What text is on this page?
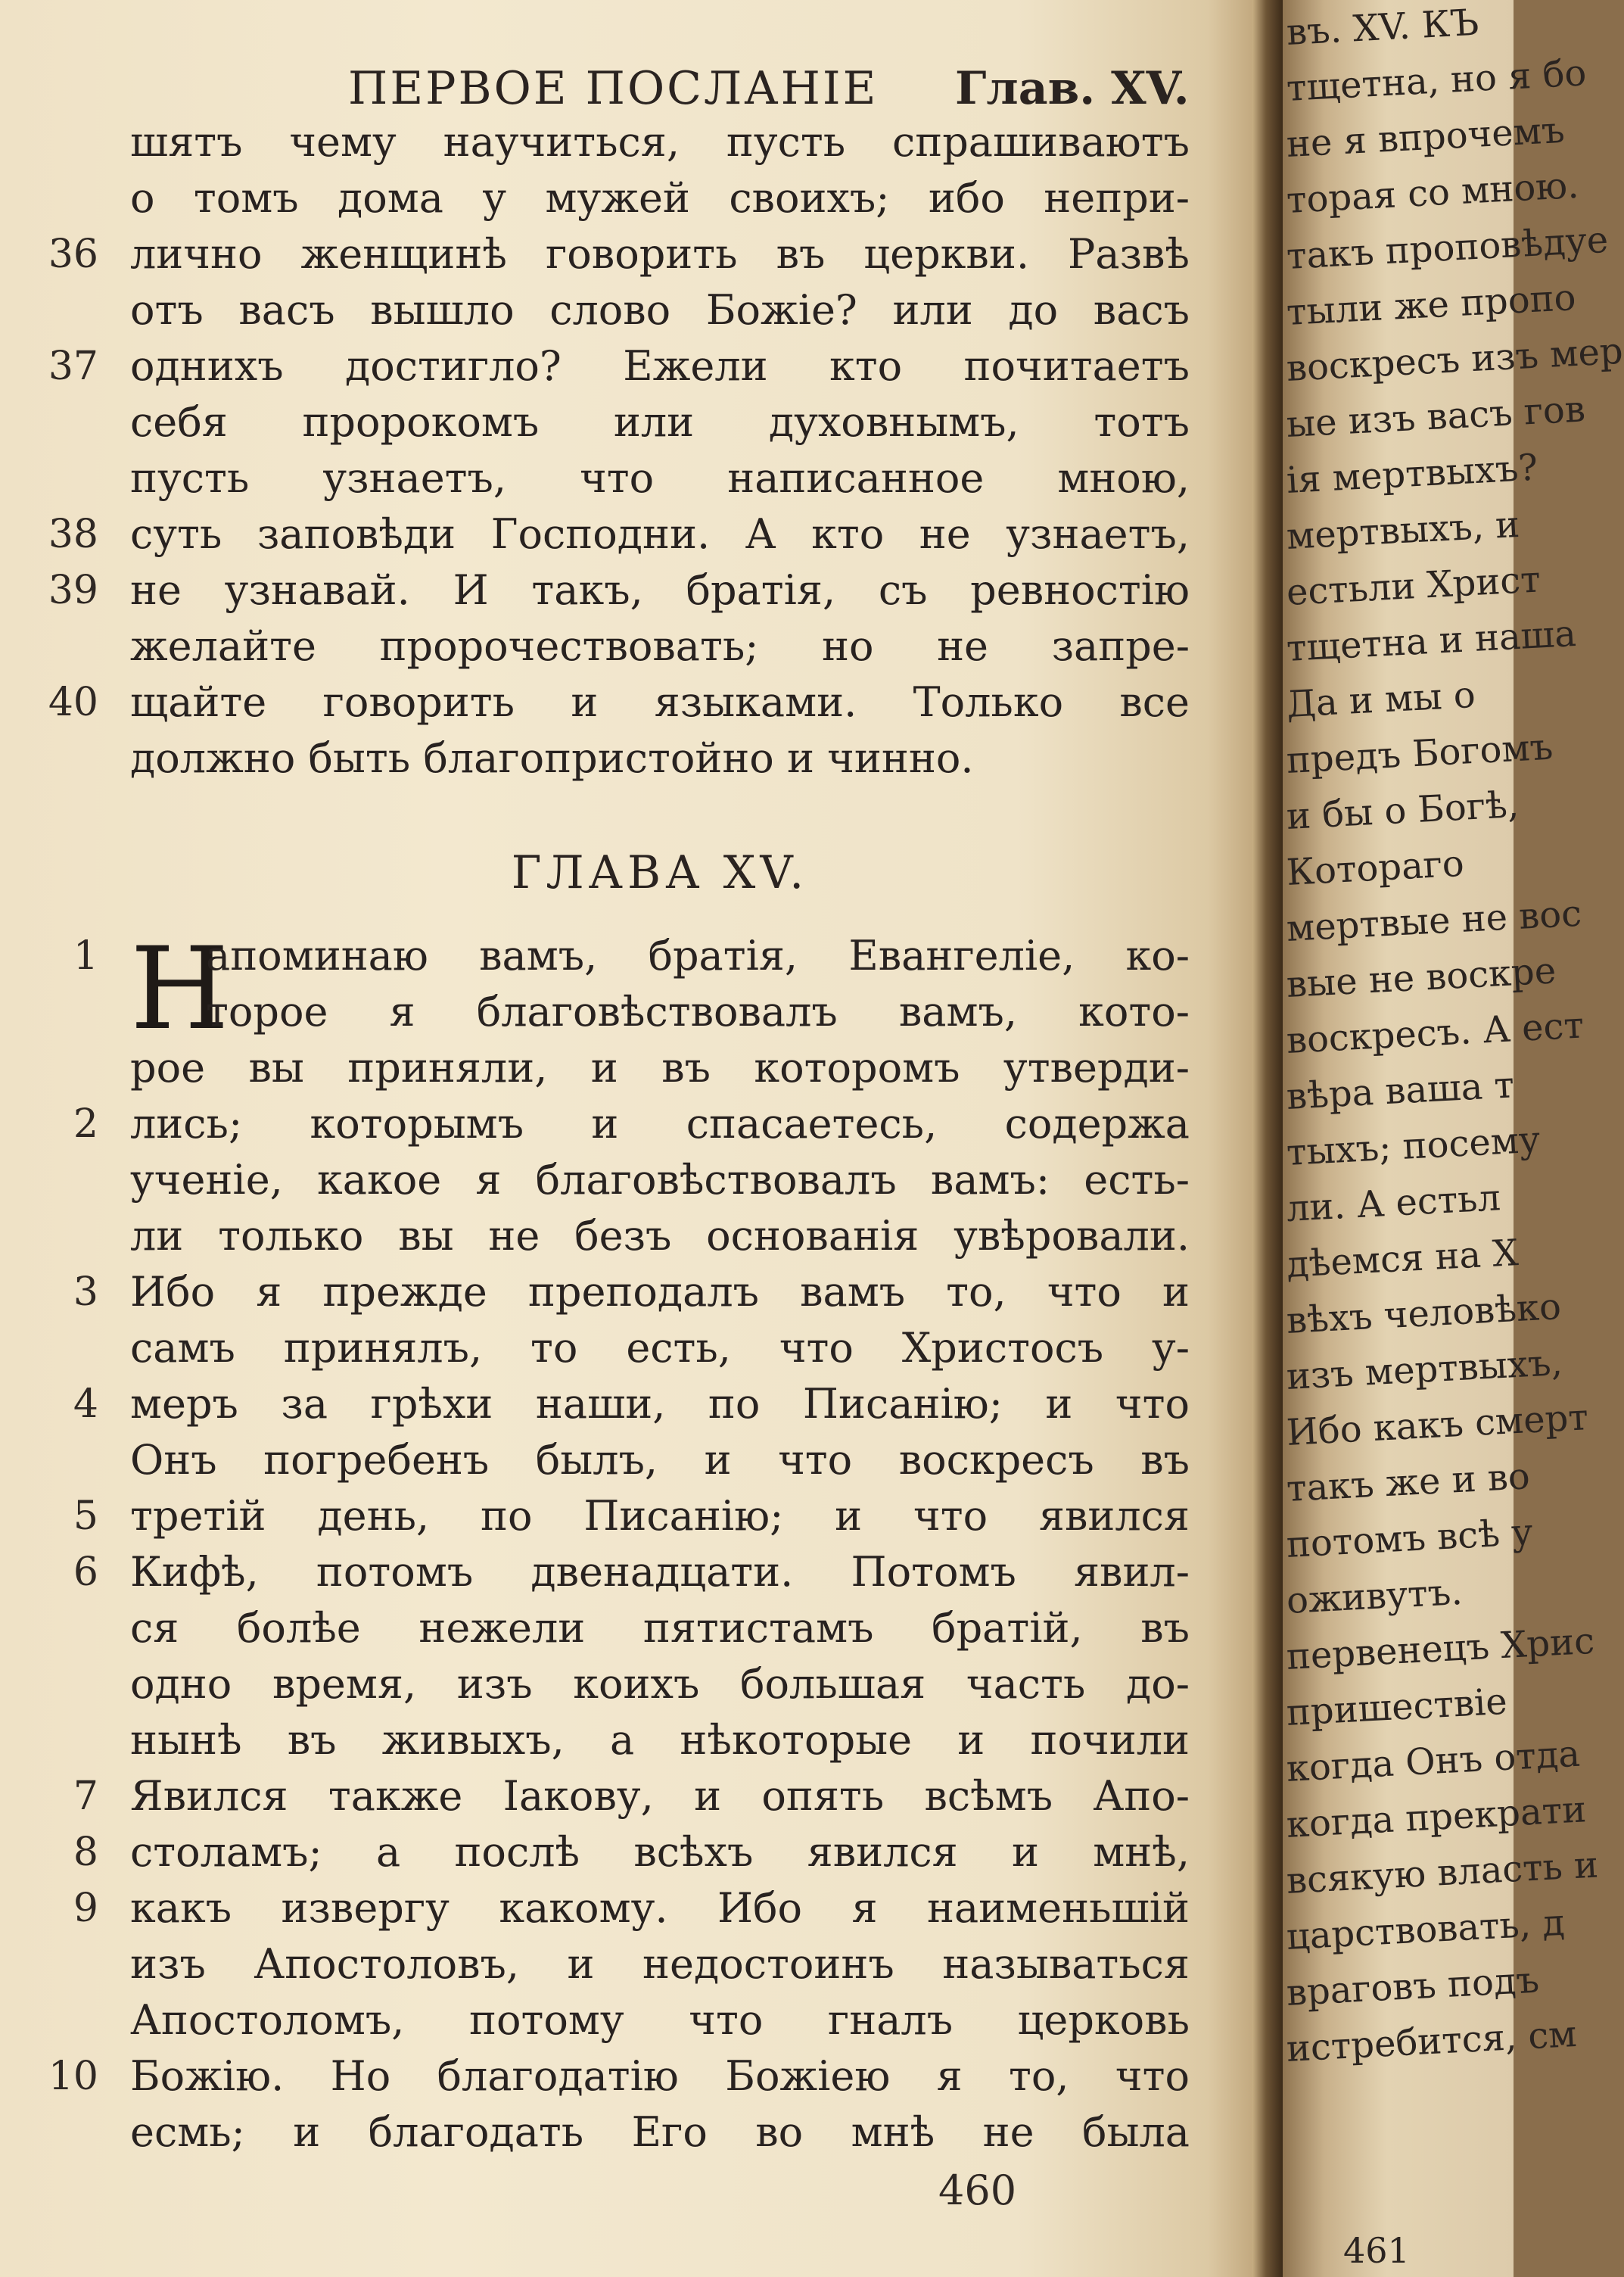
ПЕРВОЕ ПОСЛАНІЕ Глав. XV.
шятъ чему научиться, пусть спрашиваютъ
о томъ дома у мужей своихъ; ибо непри-
лично женщинѣ говорить въ церкви. Развѣ
отъ васъ вышло слово Божіе? или до васъ
однихъ достигло? Ежели кто почитаетъ
себя пророкомъ или духовнымъ, тотъ
пусть узнаетъ, что написанное мною,
суть заповѣди Господни. А кто не узнаетъ,
не узнавай. И такъ, братія, съ ревностію
желайте пророчествовать; но не запре-
щайте говорить и языками. Только все
должно быть благопристойно и чинно.
36
37
38
39
40
ГЛАВА XV.
Н
апоминаю вамъ, братія, Евангеліе, ко-
торое я благовѣствовалъ вамъ, кото-
рое вы приняли, и въ которомъ утверди-
лись; которымъ и спасаетесь, содержа
ученіе, какое я благовѣствовалъ вамъ: есть-
ли только вы не безъ основанія увѣровали.
Ибо я прежде преподалъ вамъ то, что и
самъ принялъ, то есть, что Христосъ у-
меръ за грѣхи наши, по Писанію; и что
Онъ погребенъ былъ, и что воскресъ въ
третій день, по Писанію; и что явился
Кифѣ, потомъ двенадцати. Потомъ явил-
ся болѣе нежели пятистамъ братій, въ
одно время, изъ коихъ большая часть до-
нынѣ въ живыхъ, а нѣкоторые и почили
Явился также Іакову, и опять всѣмъ Апо-
столамъ; а послѣ всѣхъ явился и мнѣ,
какъ извергу какому. Ибо я наименьшій
изъ Апостоловъ, и недостоинъ называться
Апостоломъ, потому что гналъ церковь
Божію. Но благодатію Божіею я то, что
есмь; и благодать Его во мнѣ не была
1
2
3
4
5
6
7
8
9
10
460
въ. XV. КЪ
тщетна, но я бо
не я впрочемъ
торая со мною.
такъ проповѣдуе
тыли же пропо
воскресъ изъ мер
ые изъ васъ гов
ія мертвыхъ?
мертвыхъ, и
естьли Христ
тщетна и наша
Да и мы о
предъ Богомъ
и бы о Богѣ,
Котораго
мертвые не вос
вые не воскре
воскресъ. А ест
вѣра ваша т
тыхъ; посему
ли. А естьл
дѣемся на Х
вѣхъ человѣко
изъ мертвыхъ,
Ибо какъ смерт
такъ же и во
потомъ всѣ у
оживутъ.
первенецъ Хрис
пришествіе
когда Онъ отда
когда прекрати
всякую власть и
царствовать, д
враговъ подъ
истребится, см
461
